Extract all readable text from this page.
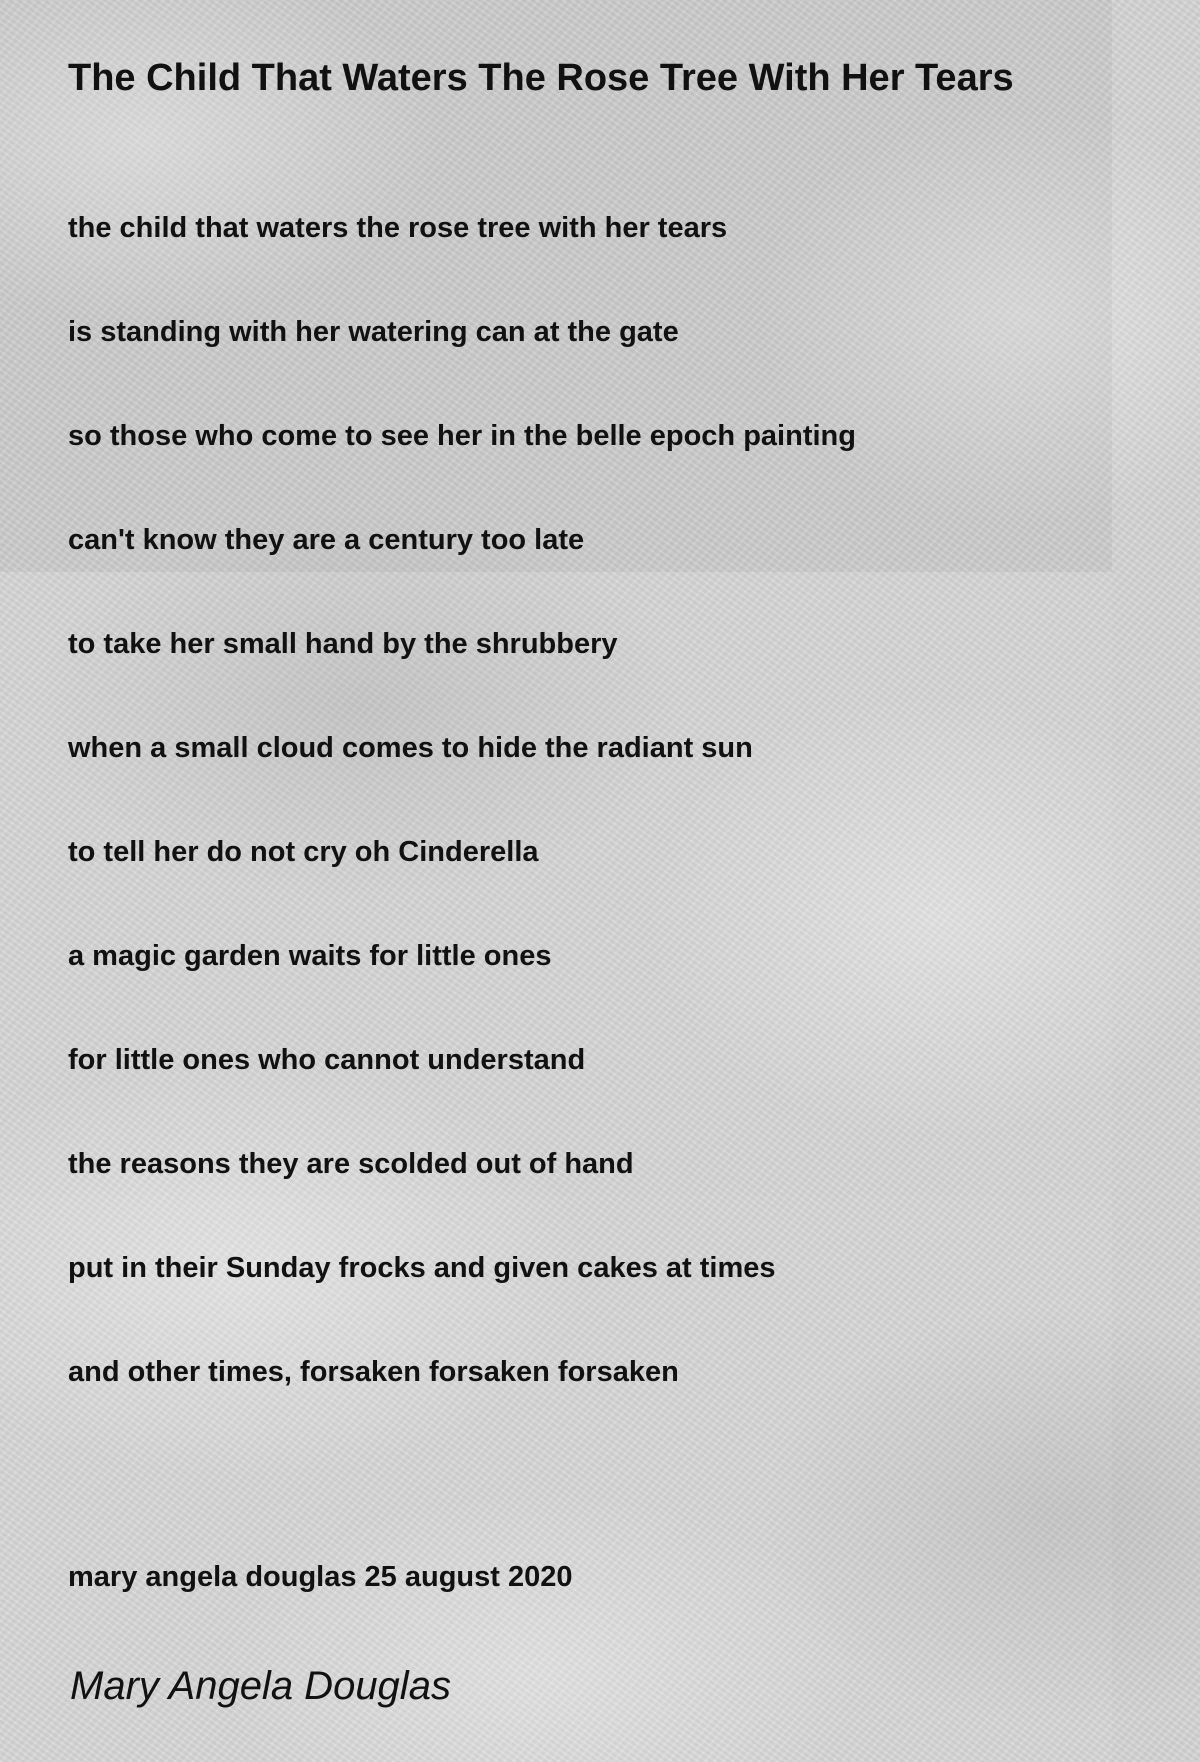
The Child That Waters The Rose Tree With Her Tears
the child that waters the rose tree with her tears
is standing with her watering can at the gate
so those who come to see her in the belle epoch painting
can't know they are a century too late
to take her small hand by the shrubbery
when a small cloud comes to hide the radiant sun
to tell her do not cry oh Cinderella
a magic garden waits for little ones
for little ones who cannot understand
the reasons they are scolded out of hand
put in their Sunday frocks and given cakes at times
and other times, forsaken forsaken forsaken

mary angela douglas 25 august 2020

Mary Angela Douglas
